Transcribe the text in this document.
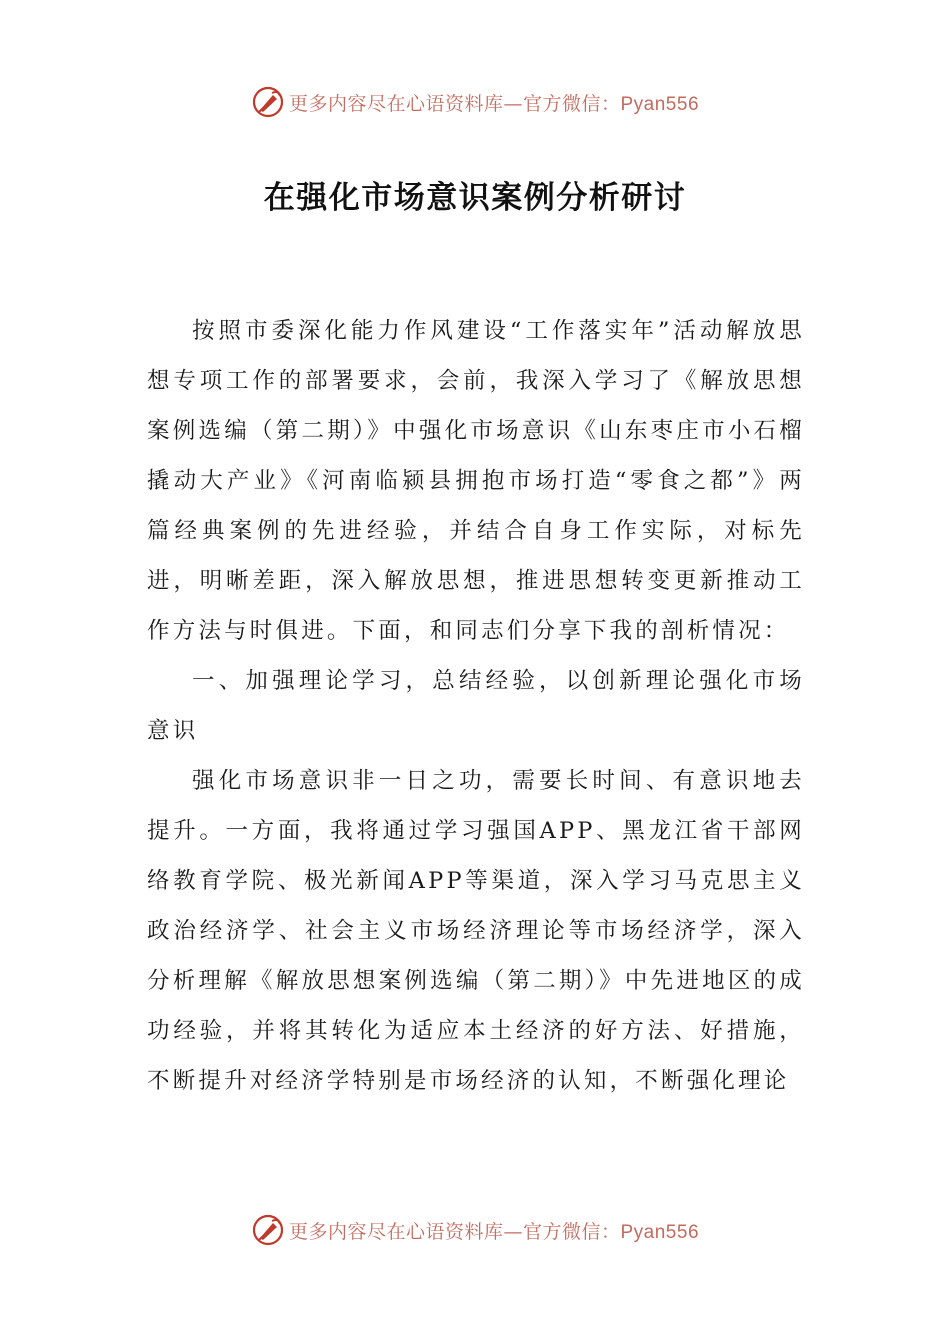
更多内容尽在心语资料库—官方微信：Pyan556
在强化市场意识案例分析研讨

按照市委深化能力作风建设“工作落实年”活动解放思想专项工作的部署要求，会前，我深入学习了《解放思想案例选编（第二期）》中强化市场意识《山东枣庄市小石榴撬动大产业》《河南临颍县拥抱市场打造“零食之都”》两篇经典案例的先进经验，并结合自身工作实际，对标先进，明晰差距，深入解放思想，推进思想转变更新推动工作方法与时俱进。下面，和同志们分享下我的剖析情况：

一、加强理论学习，总结经验，以创新理论强化市场意识

强化市场意识非一日之功，需要长时间、有意识地去提升。一方面，我将通过学习强国APP、黑龙江省干部网络教育学院、极光新闻APP等渠道，深入学习马克思主义政治经济学、社会主义市场经济理论等市场经济学，深入分析理解《解放思想案例选编（第二期）》中先进地区的成功经验，并将其转化为适应本土经济的好方法、好措施，不断提升对经济学特别是市场经济的认知，不断强化理论

更多内容尽在心语资料库—官方微信：Pyan556
